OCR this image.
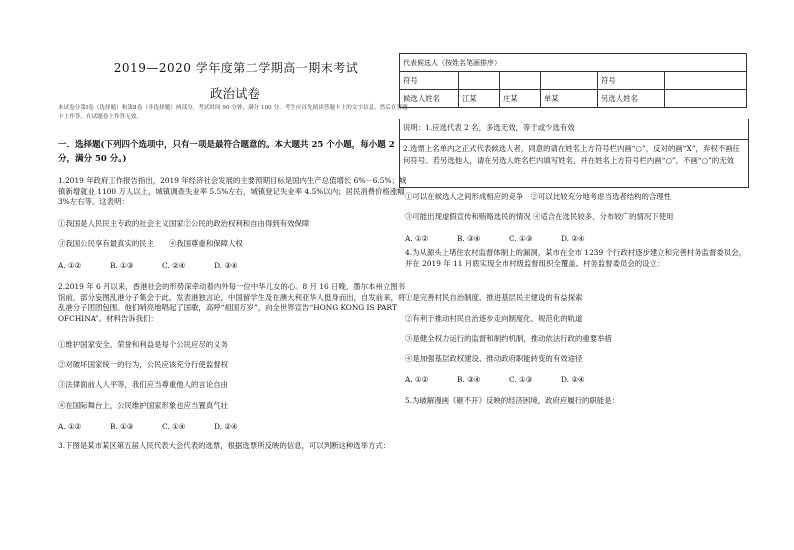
2019—2020 学年度第二学期高一期末考试
政治试卷
本试卷分第Ⅰ卷（选择题）和第Ⅱ卷（非选择题）两部分，考试时间 90 分钟，满分 100 分。考生应首先阅读答题卡上的文字信息，然后在答题卡上作答，在试题卷上作答无效。
一．选择题(下列四个选项中，只有一项是最符合题意的。本大题共 25 个小题，每小题 2 分，满分 50 分。)
1.2019 年政府工作报告指出，2019 年经济社会发展的主要预期目标是国内生产总值增长 6%－6.5%；城镇新增就业 1100 万人以上，城镇调查失业率 5.5%左右，城镇登记失业率 4.5%以内；居民消费价格涨幅 3%左右等。这表明：
①我国是人民民主专政的社会主义国家②公民的政治权利和自由得到有效保障
③我国公民享有最真实的民主　　④我国尊重和保障人权
A. ①②	B. ①③	C. ②④	D. ③④
2.2019 年 6 月以来，香港社会的形势深牵动着内外每一位中华儿女的心。8 月 16 日晚，墨尔本州立图书馆前，部分妄图乱港分子集会于此，发表港独言论，中国留学生及在澳大利亚华人挺身而出，自发前来，将乱港分子团团包围。他们哨亮地唱起了国歌，高呼“祖国万岁”，向全世界宣告“HONG KONG IS PART OFCHINA”。材料告诉我们：
①维护国家安全、荣誉和利益是每个公民应尽的义务
②对破坏国家统一的行为，公民应该充分行使监督权
③法律面前人人平等，我们应当尊重他人的言论自由
④在国际舞台上，公民维护国家形象也应当置真气壮
A. ①②	B. ①③	C. ①④	D. ②④
3.下图是某市某区第五届人民代表大会代表的选票，根据选票所反映的信息，可以判断这种选举方式：
代表候选人（按姓名笔画排序）					
符号				符号	
候选人姓名	江某	庄某	单某	另选人姓名	
说明：1.应选代表 2 名，多选无效，等于或少选有效
2.选票上名单内之正式代表候选人者，同意的请在姓名上方符号栏内画“○”，反对的画“X”，弃权不画任何符号。若另选他人，请在另选人姓名栏内填写姓名，并在姓名上方符号栏内画“○”，不画“○”的无效
①可以在候选人之间形成相应的竞争　②可以比较充分地考虑当选者结构的合理性
③可能出现虚假宣传和贿赂选民的情况 ④适合在选民较多、分布较广的情况下使用
A. ①②	B. ③④	C. ①③	D. ②④
4.为从源头上堵住农村监督体制上的漏洞，某市在全市 1239 个行政村逐步建立和完善村务监督委员会，并在 2019 年 11 月底实现全市村级监督组织全覆盖。村务监督委员会的设立：
①是完善村民自治制度、推进基层民主建设的有益探索
②有利于推动村民自治逐步走向制度化、规范化的轨道
③是健全权力运行的监督和制约机制，推动依法行政的重要举措
④是加强基层政权建设、推动政府职能转变的有效途径
A. ①②	B. ③④	C. ①③	D. ②④
5.为破解漫画《砸不开》反映的经济困境，政府应履行的职能是：
